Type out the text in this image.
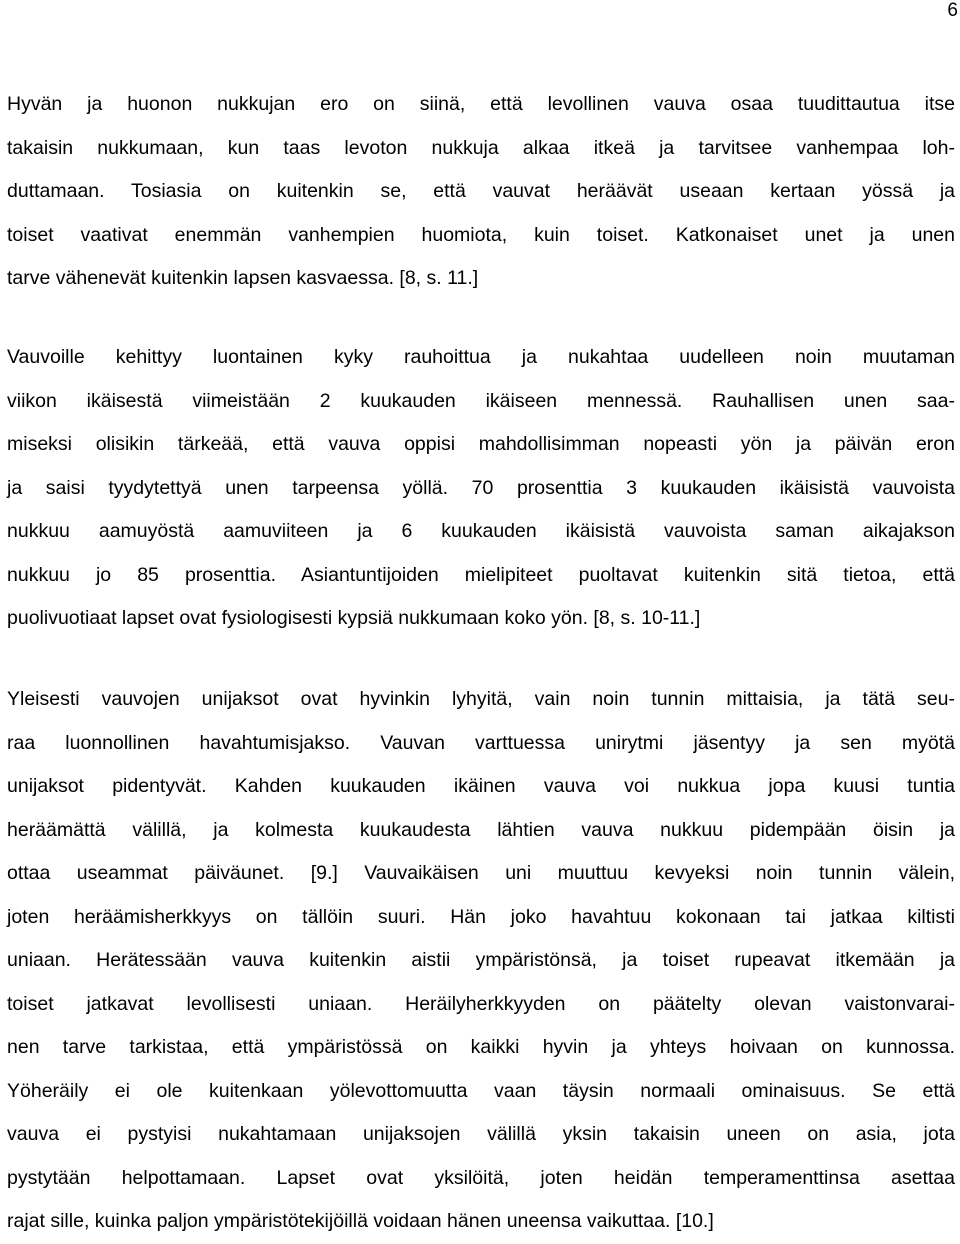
6
Hyvän ja huonon nukkujan ero on siinä, että levollinen vauva osaa tuudittautua itse
takaisin nukkumaan, kun taas levoton nukkuja alkaa itkeä ja tarvitsee vanhempaa loh-
duttamaan. Tosiasia on kuitenkin se, että vauvat heräävät useaan kertaan yössä ja
toiset vaativat enemmän vanhempien huomiota, kuin toiset. Katkonaiset unet ja unen
tarve vähenevät kuitenkin lapsen kasvaessa. [8, s. 11.]
Vauvoille kehittyy luontainen kyky rauhoittua ja nukahtaa uudelleen noin muutaman
viikon ikäisestä viimeistään 2 kuukauden ikäiseen mennessä. Rauhallisen unen saa-
miseksi olisikin tärkeää, että vauva oppisi mahdollisimman nopeasti yön ja päivän eron
ja saisi tyydytettyä unen tarpeensa yöllä. 70 prosenttia 3 kuukauden ikäisistä vauvoista
nukkuu aamuyöstä aamuviiteen ja 6 kuukauden ikäisistä vauvoista saman aikajakson
nukkuu jo 85 prosenttia. Asiantuntijoiden mielipiteet puoltavat kuitenkin sitä tietoa, että
puolivuotiaat lapset ovat fysiologisesti kypsiä nukkumaan koko yön. [8, s. 10-11.]
Yleisesti vauvojen unijaksot ovat hyvinkin lyhyitä, vain noin tunnin mittaisia, ja tätä seu-
raa luonnollinen havahtumisjakso. Vauvan varttuessa unirytmi jäsentyy ja sen myötä
unijaksot pidentyvät. Kahden kuukauden ikäinen vauva voi nukkua jopa kuusi tuntia
heräämättä välillä, ja kolmesta kuukaudesta lähtien vauva nukkuu pidempään öisin ja
ottaa useammat päiväunet. [9.] Vauvaikäisen uni muuttuu kevyeksi noin tunnin välein,
joten heräämisherkkyys on tällöin suuri. Hän joko havahtuu kokonaan tai jatkaa kiltisti
uniaan. Herätessään vauva kuitenkin aistii ympäristönsä, ja toiset rupeavat itkemään ja
toiset jatkavat levollisesti uniaan. Heräilyherkkyyden on päätelty olevan vaistonvarai-
nen tarve tarkistaa, että ympäristössä on kaikki hyvin ja yhteys hoivaan on kunnossa.
Yöheräily ei ole kuitenkaan yölevottomuutta vaan täysin normaali ominaisuus. Se että
vauva ei pystyisi nukahtamaan unijaksojen välillä yksin takaisin uneen on asia, jota
pystytään helpottamaan. Lapset ovat yksilöitä, joten heidän temperamenttinsa asettaa
rajat sille, kuinka paljon ympäristötekijöillä voidaan hänen uneensa vaikuttaa. [10.]
